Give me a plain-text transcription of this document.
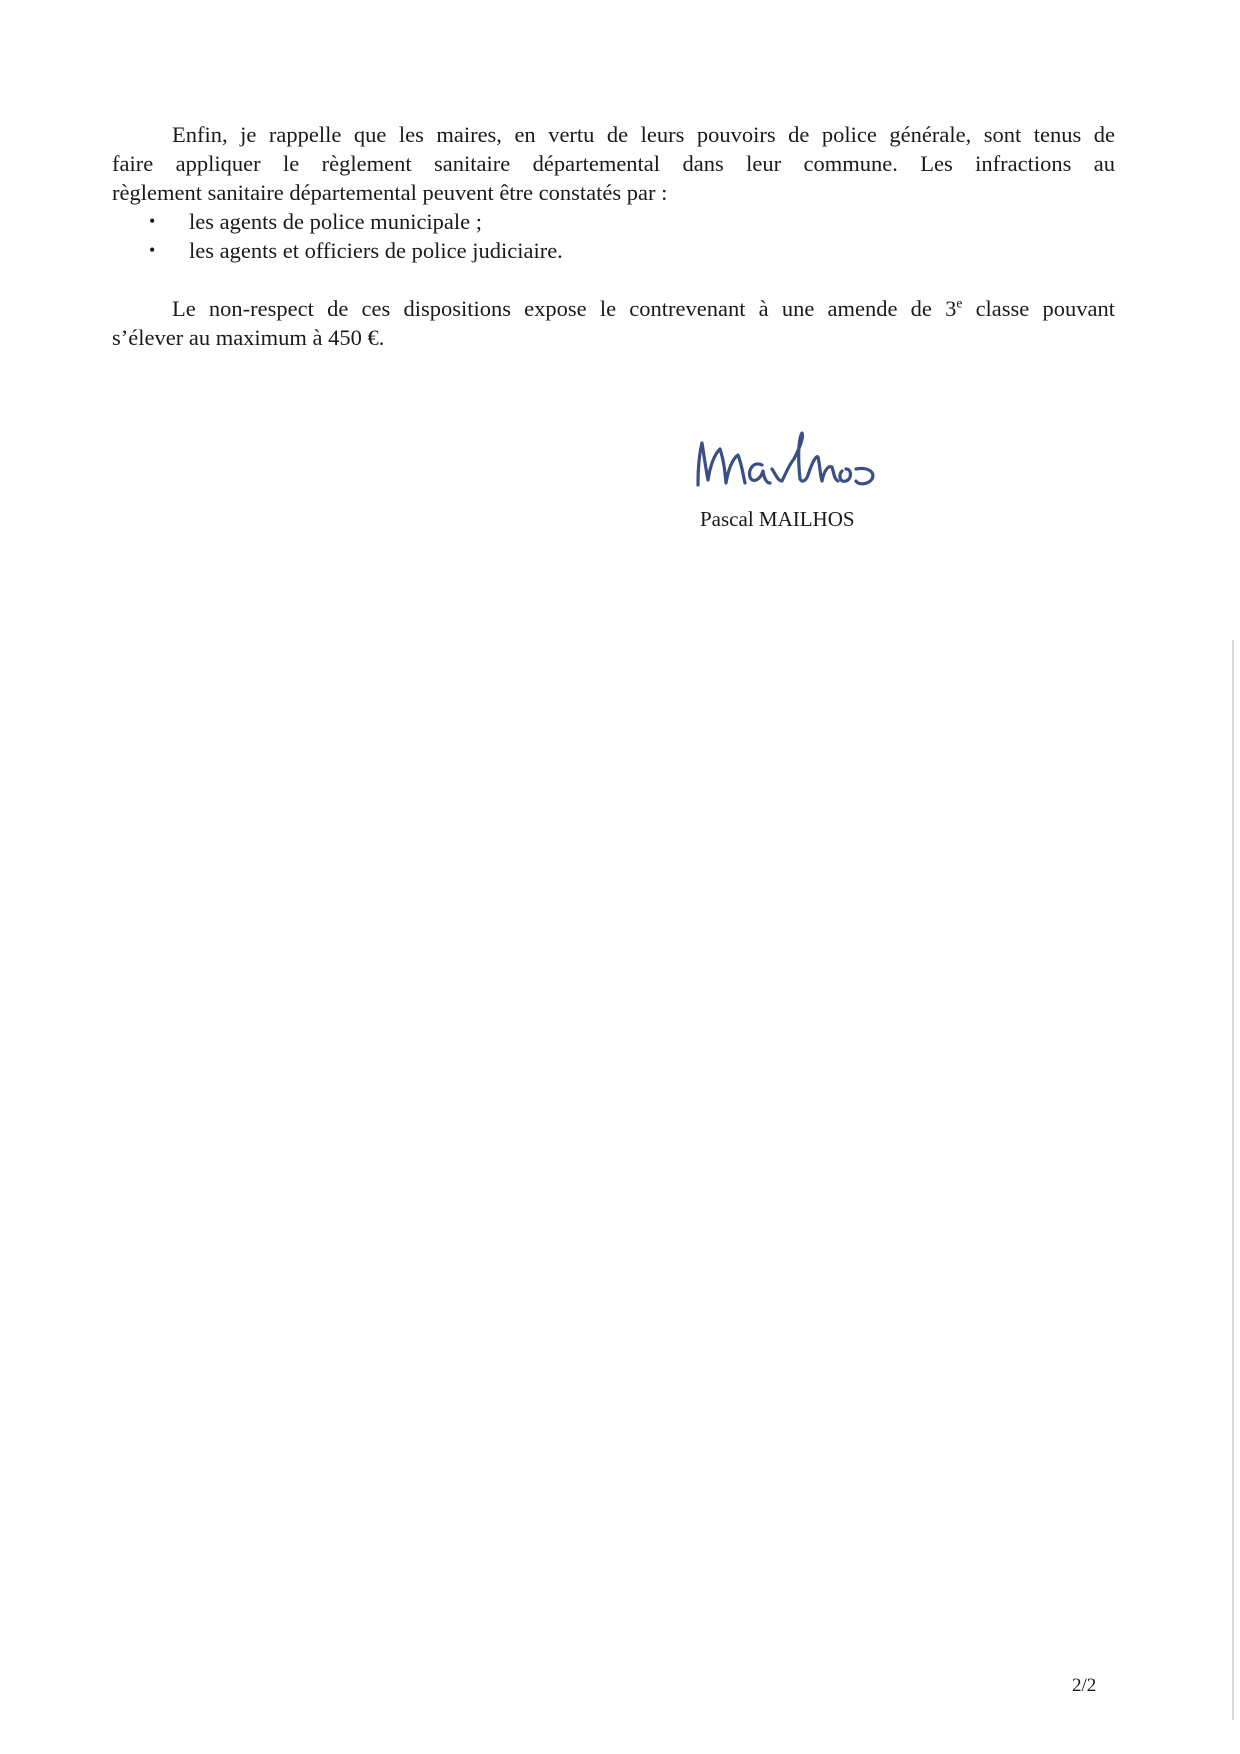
Enfin, je rappelle que les maires, en vertu de leurs pouvoirs de police générale, sont tenus de
faire appliquer le règlement sanitaire départemental dans leur commune. Les infractions au
règlement sanitaire départemental peuvent être constatés par :
• les agents de police municipale ;
• les agents et officiers de police judiciaire.
Le non-respect de ces dispositions expose le contrevenant à une amende de 3e classe pouvant
s’élever au maximum à 450 €.
Pascal MAILHOS
2/2
